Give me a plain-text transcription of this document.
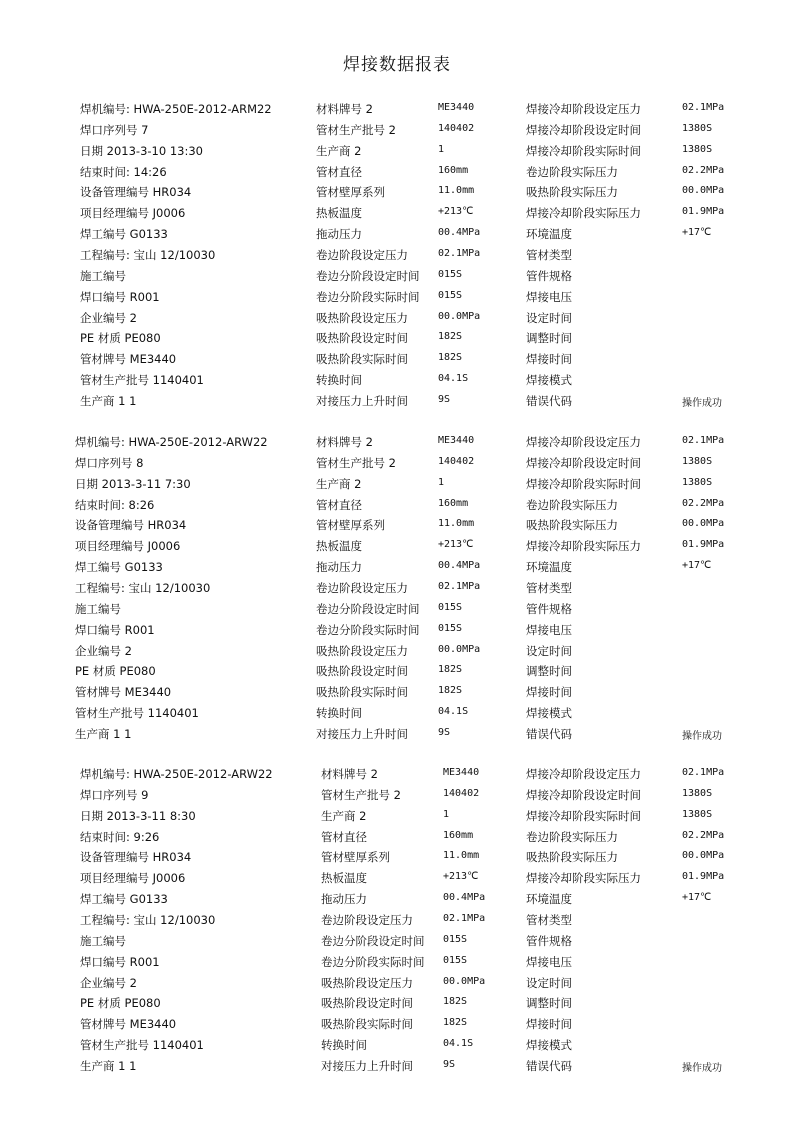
焊接数据报表
焊机编号: HWA-250E-2012-ARM22	材料牌号 2	ME3440	焊接冷却阶段设定压力	02.1MPa
焊口序列号 7	管材生产批号 2	140402	焊接冷却阶段设定时间	1380S
日期 2013-3-10 13:30	生产商 2	1	焊接冷却阶段实际时间	1380S
结束时间: 14:26	管材直径	160mm	卷边阶段实际压力	02.2MPa
设备管理编号 HR034	管材壁厚系列	11.0mm	吸热阶段实际压力	00.0MPa
项目经理编号 J0006	热板温度	+213℃	焊接冷却阶段实际压力	01.9MPa
焊工编号 G0133	拖动压力	00.4MPa	环境温度	+17℃
工程编号: 宝山 12/10030	卷边阶段设定压力	02.1MPa	管材类型
施工编号	卷边分阶段设定时间 015S	管件规格
焊口编号 R001	卷边分阶段实际时间 015S	焊接电压
企业编号 2	吸热阶段设定压力	00.0MPa	设定时间
PE 材质 PE080	吸热阶段设定时间	182S	调整时间
管材牌号 ME3440	吸热阶段实际时间	182S	焊接时间
管材生产批号 1140401	转换时间	04.1S	焊接模式
生产商 1 1	对接压力上升时间	9S	错误代码	操作成功
焊机编号: HWA-250E-2012-ARW22	材料牌号 2	ME3440	焊接冷却阶段设定压力	02.1MPa
焊口序列号 8	管材生产批号 2	140402	焊接冷却阶段设定时间	1380S
日期 2013-3-11 7:30	生产商 2	1	焊接冷却阶段实际时间	1380S
结束时间: 8:26	管材直径	160mm	卷边阶段实际压力	02.2MPa
设备管理编号 HR034	管材壁厚系列	11.0mm	吸热阶段实际压力	00.0MPa
项目经理编号 J0006	热板温度	+213℃	焊接冷却阶段实际压力	01.9MPa
焊工编号 G0133	拖动压力	00.4MPa	环境温度	+17℃
工程编号: 宝山 12/10030	卷边阶段设定压力	02.1MPa	管材类型
施工编号	卷边分阶段设定时间 015S	管件规格
焊口编号 R001	卷边分阶段实际时间 015S	焊接电压
企业编号 2	吸热阶段设定压力	00.0MPa	设定时间
PE 材质 PE080	吸热阶段设定时间	182S	调整时间
管材牌号 ME3440	吸热阶段实际时间	182S	焊接时间
管材生产批号 1140401	转换时间	04.1S	焊接模式
生产商 1 1	对接压力上升时间	9S	错误代码	操作成功
焊机编号: HWA-250E-2012-ARW22	材料牌号 2	ME3440	焊接冷却阶段设定压力	02.1MPa
焊口序列号 9	管材生产批号 2	140402	焊接冷却阶段设定时间	1380S
日期 2013-3-11 8:30	生产商 2	1	焊接冷却阶段实际时间	1380S
结束时间: 9:26	管材直径	160mm	卷边阶段实际压力	02.2MPa
设备管理编号 HR034	管材壁厚系列	11.0mm	吸热阶段实际压力	00.0MPa
项目经理编号 J0006	热板温度	+213℃	焊接冷却阶段实际压力	01.9MPa
焊工编号 G0133	拖动压力	00.4MPa	环境温度	+17℃
工程编号: 宝山 12/10030	卷边阶段设定压力	02.1MPa	管材类型
施工编号	卷边分阶段设定时间 015S	管件规格
焊口编号 R001	卷边分阶段实际时间 015S	焊接电压
企业编号 2	吸热阶段设定压力	00.0MPa	设定时间
PE 材质 PE080	吸热阶段设定时间	182S	调整时间
管材牌号 ME3440	吸热阶段实际时间	182S	焊接时间
管材生产批号 1140401	转换时间	04.1S	焊接模式
生产商 1 1	对接压力上升时间	9S	错误代码	操作成功
